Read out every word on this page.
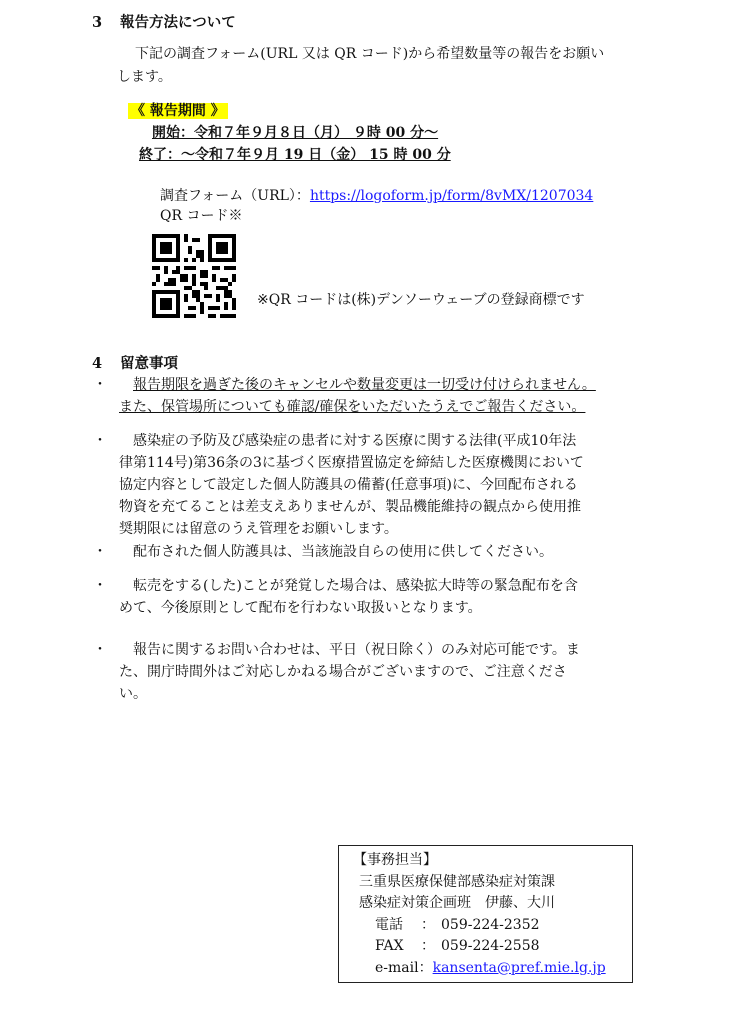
3 報告方法について
下記の調査フォーム(URL 又は QR コード)から希望数量等の報告をお願い
します。
《 報告期間 》
開始：令和７年９月８日（月） ９時 00 分～
終了：～令和７年９月 19 日（金） 15 時 00 分
調査フォーム（URL）：https://logoform.jp/form/8vMX/1207034
QR コード※
※QR コードは(株)デンソーウェーブの登録商標です
4 留意事項
・	報告期限を過ぎた後のキャンセルや数量変更は一切受け付けられません。
また、保管場所についても確認/確保をいただいたうえでご報告ください。
・	感染症の予防及び感染症の患者に対する医療に関する法律(平成10年法
律第114号)第36条の3に基づく医療措置協定を締結した医療機関において
協定内容として設定した個人防護具の備蓄(任意事項)に、今回配布される
物資を充てることは差支えありませんが、製品機能維持の観点から使用推
奨期限には留意のうえ管理をお願いします。
・	配布された個人防護具は、当該施設自らの使用に供してください。
・	転売をする(した)ことが発覚した場合は、感染拡大時等の緊急配布を含
めて、今後原則として配布を行わない取扱いとなります。
・	報告に関するお問い合わせは、平日（祝日除く）のみ対応可能です。ま
た、開庁時間外はご対応しかねる場合がございますので、ご注意くださ
い。
【事務担当】
三重県医療保健部感染症対策課
感染症対策企画班　伊藤、大川
電話 ： 059-224-2352
FAX ： 059-224-2558
e-mail：kansenta@pref.mie.lg.jp
